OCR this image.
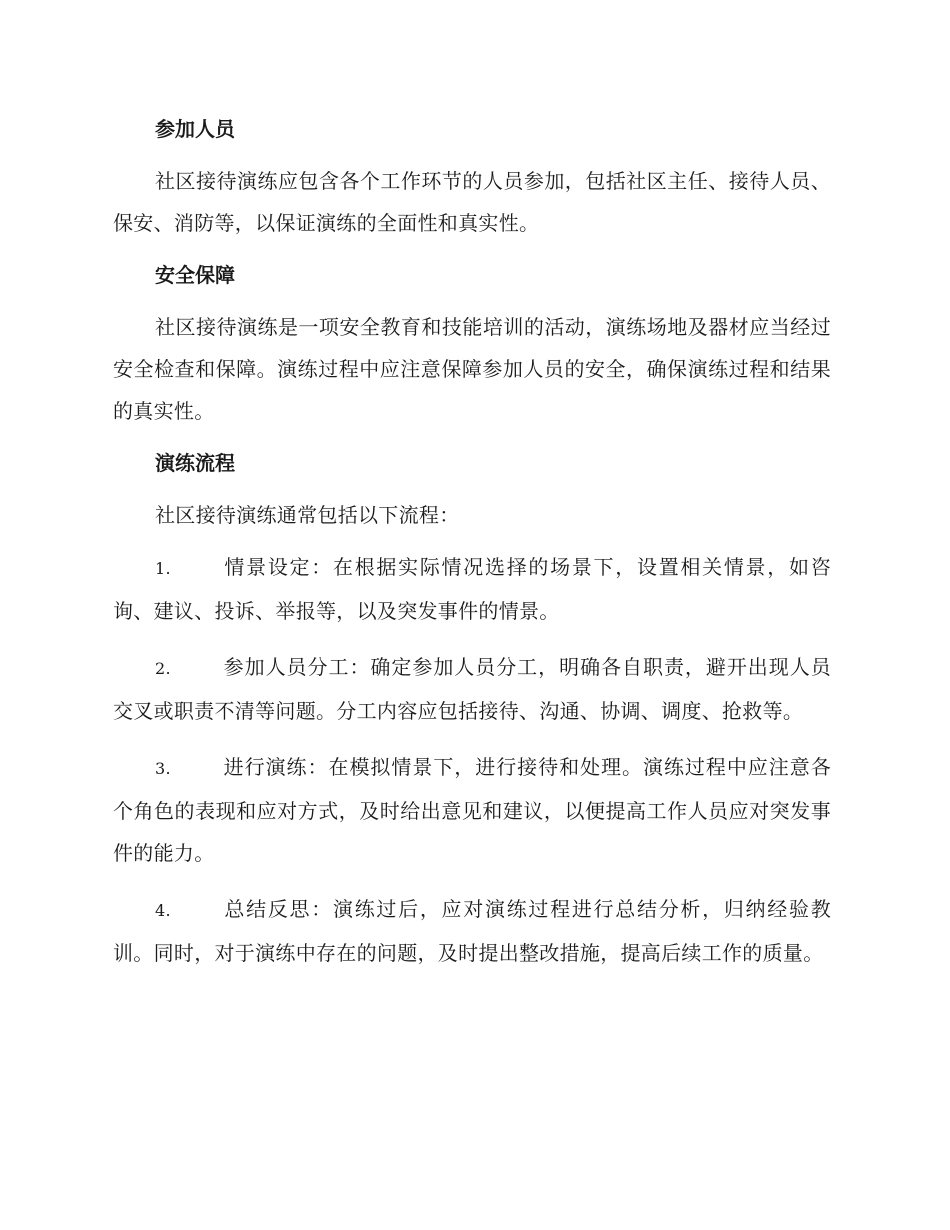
参加人员

社区接待演练应包含各个工作环节的人员参加，包括社区主任、接待人员、保安、消防等，以保证演练的全面性和真实性。

安全保障

社区接待演练是一项安全教育和技能培训的活动，演练场地及器材应当经过安全检查和保障。演练过程中应注意保障参加人员的安全，确保演练过程和结果的真实性。

演练流程

社区接待演练通常包括以下流程：

1.	情景设定：在根据实际情况选择的场景下，设置相关情景，如咨询、建议、投诉、举报等，以及突发事件的情景。

2.	参加人员分工：确定参加人员分工，明确各自职责，避开出现人员交叉或职责不清等问题。分工内容应包括接待、沟通、协调、调度、抢救等。

3.	进行演练：在模拟情景下，进行接待和处理。演练过程中应注意各个角色的表现和应对方式，及时给出意见和建议，以便提高工作人员应对突发事件的能力。

4.	总结反思：演练过后，应对演练过程进行总结分析，归纳经验教训。同时，对于演练中存在的问题，及时提出整改措施，提高后续工作的质量。
